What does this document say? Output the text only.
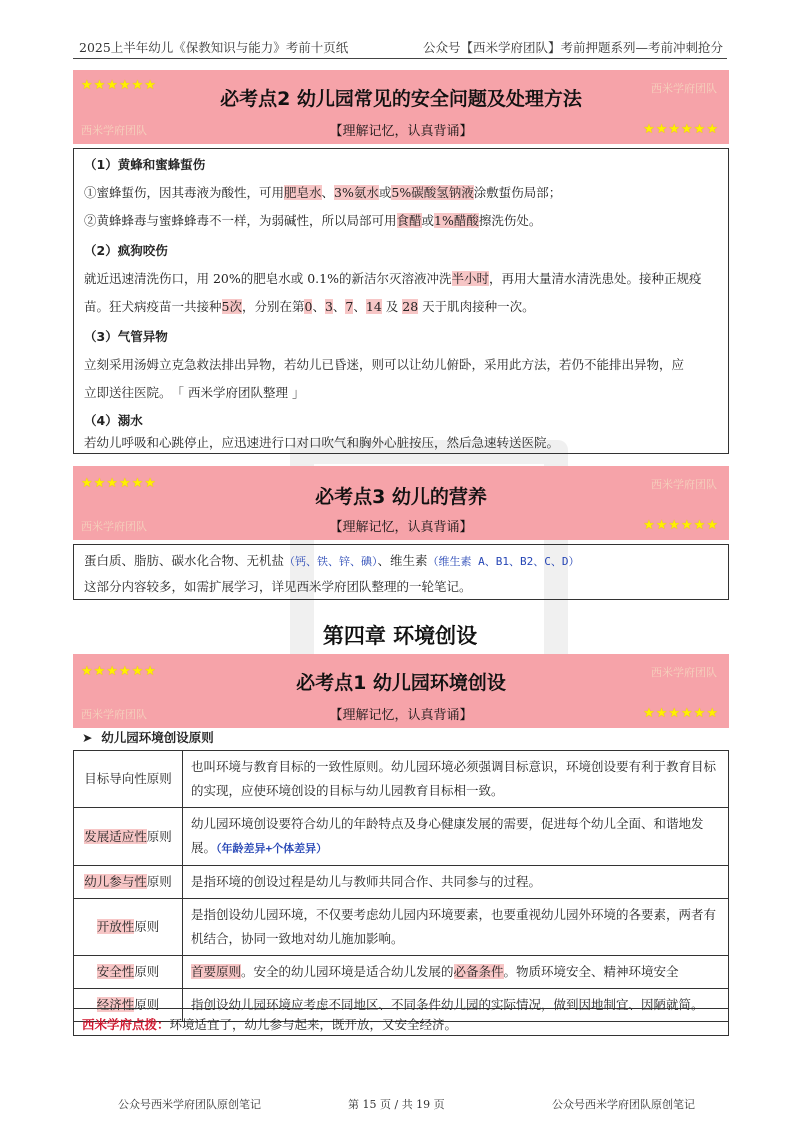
2025上半年幼儿《保教知识与能力》考前十页纸	公众号【西米学府团队】考前押题系列—考前冲刺抢分
★★★★★★	西米学府团队
必考点2 幼儿园常见的安全问题及处理方法
【理解记忆，认真背诵】
西米学府团队	★★★★★★
（1）黄蜂和蜜蜂蜇伤
①蜜蜂蜇伤，因其毒液为酸性，可用肥皂水、3%氨水或5%碳酸氢钠液涂敷蜇伤局部；
②黄蜂蜂毒与蜜蜂蜂毒不一样，为弱碱性，所以局部可用食醋或1%醋酸擦洗伤处。
（2）疯狗咬伤
就近迅速清洗伤口，用 20%的肥皂水或 0.1%的新洁尔灭溶液冲洗半小时，再用大量清水清洗患处。接种正规疫
苗。狂犬病疫苗一共接种5次，分别在第0、3、7、14 及 28 天于肌肉接种一次。
（3）气管异物
立刻采用汤姆立克急救法排出异物，若幼儿已昏迷，则可以让幼儿俯卧，采用此方法，若仍不能排出异物，应
立即送往医院。　「 西米学府团队整理 」
（4）溺水
若幼儿呼吸和心跳停止，应迅速进行口对口吹气和胸外心脏按压，然后急速转送医院。
★★★★★★	西米学府团队
必考点3 幼儿的营养
【理解记忆，认真背诵】
西米学府团队	★★★★★★
蛋白质、脂肪、碳水化合物、无机盐（钙、铁、锌、碘）、维生素（维生素 A、B1、B2、C、D）
这部分内容较多，如需扩展学习，详见西米学府团队整理的一轮笔记。
第四章 环境创设
★★★★★★	西米学府团队
必考点1 幼儿园环境创设
【理解记忆，认真背诵】
西米学府团队	★★★★★★
➤  幼儿园环境创设原则
目标导向性原则	也叫环境与教育目标的一致性原则。幼儿园环境必须强调目标意识，环境创设要有利于教育目标的实现，应使环境创设的目标与幼儿园教育目标相一致。
发展适应性原则	幼儿园环境创设要符合幼儿的年龄特点及身心健康发展的需要，促进每个幼儿全面、和谐地发展。（年龄差异+个体差异）
幼儿参与性原则	是指环境的创设过程是幼儿与教师共同合作、共同参与的过程。
开放性原则	是指创设幼儿园环境，不仅要考虑幼儿园内环境要素，也要重视幼儿园外环境的各要素，两者有机结合，协同一致地对幼儿施加影响。
安全性原则	首要原则。安全的幼儿园环境是适合幼儿发展的必备条件。物质环境安全、精神环境安全
经济性原则	指创设幼儿园环境应考虑不同地区、不同条件幼儿园的实际情况，做到因地制宜、因陋就简。
西米学府点拨：环境适宜了，幼儿参与起来，既开放，又安全经济。
公众号西米学府团队原创笔记	第 15 页 / 共 19 页	公众号西米学府团队原创笔记
